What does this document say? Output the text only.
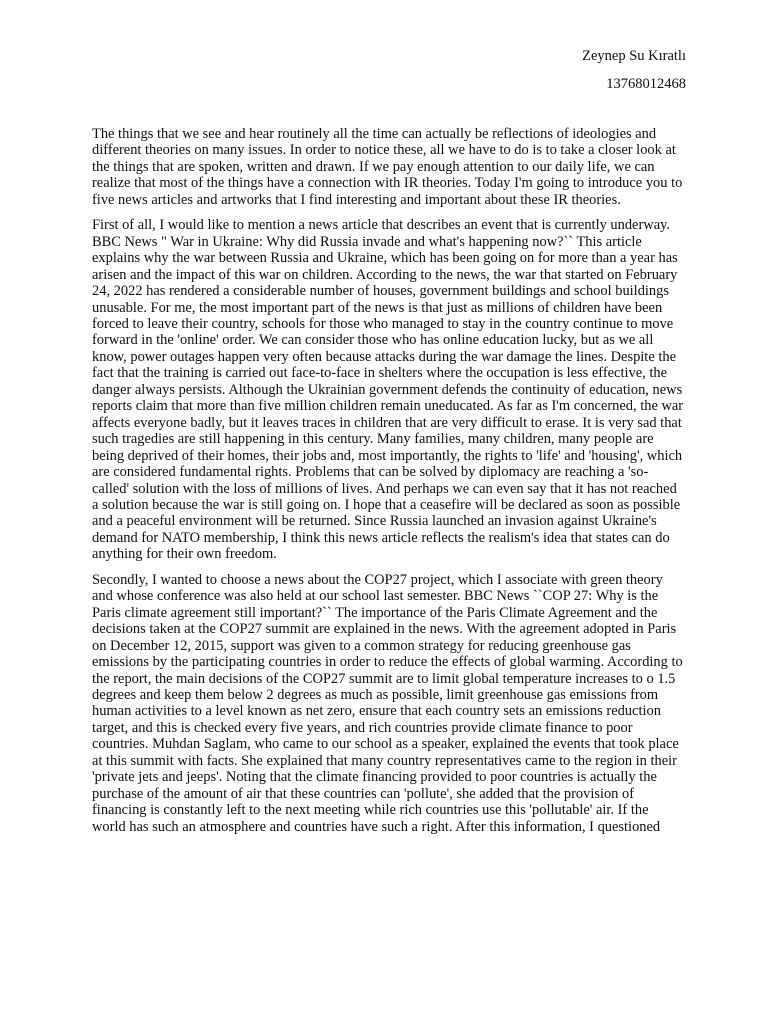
Zeynep Su Kıratlı
13768012468

The things that we see and hear routinely all the time can actually be reflections of ideologies and different theories on many issues. In order to notice these, all we have to do is to take a closer look at the things that are spoken, written and drawn. If we pay enough attention to our daily life, we can realize that most of the things have a connection with IR theories. Today I'm going to introduce you to five news articles and artworks that I find interesting and important about these IR theories.

First of all, I would like to mention a news article that describes an event that is currently underway. BBC News " War in Ukraine: Why did Russia invade and what's happening now?`` This article explains why the war between Russia and Ukraine, which has been going on for more than a year has arisen and the impact of this war on children. According to the news, the war that started on February 24, 2022 has rendered a considerable number of houses, government buildings and school buildings unusable. For me, the most important part of the news is that just as millions of children have been forced to leave their country, schools for those who managed to stay in the country continue to move forward in the 'online' order. We can consider those who has online education lucky, but as we all know, power outages happen very often because attacks during the war damage the lines. Despite the fact that the training is carried out face-to-face in shelters where the occupation is less effective, the danger always persists. Although the Ukrainian government defends the continuity of education, news reports claim that more than five million children remain uneducated. As far as I'm concerned, the war affects everyone badly, but it leaves traces in children that are very difficult to erase. It is very sad that such tragedies are still happening in this century. Many families, many children, many people are being deprived of their homes, their jobs and, most importantly, the rights to 'life' and 'housing', which are considered fundamental rights. Problems that can be solved by diplomacy are reaching a 'so-called' solution with the loss of millions of lives. And perhaps we can even say that it has not reached a solution because the war is still going on. I hope that a ceasefire will be declared as soon as possible and a peaceful environment will be returned. Since Russia launched an invasion against Ukraine's demand for NATO membership, I think this news article reflects the realism's idea that states can do anything for their own freedom.

Secondly, I wanted to choose a news about the COP27 project, which I associate with green theory and whose conference was also held at our school last semester. BBC News ``COP 27: Why is the Paris climate agreement still important?`` The importance of the Paris Climate Agreement and the decisions taken at the COP27 summit are explained in the news. With the agreement adopted in Paris on December 12, 2015, support was given to a common strategy for reducing greenhouse gas emissions by the participating countries in order to reduce the effects of global warming. According to the report, the main decisions of the COP27 summit are to limit global temperature increases to o 1.5 degrees and keep them below 2 degrees as much as possible, limit greenhouse gas emissions from human activities to a level known as net zero, ensure that each country sets an emissions reduction target, and this is checked every five years, and rich countries provide climate finance to poor countries. Muhdan Saglam, who came to our school as a speaker, explained the events that took place at this summit with facts. She explained that many country representatives came to the region in their 'private jets and jeeps'. Noting that the climate financing provided to poor countries is actually the purchase of the amount of air that these countries can 'pollute', she added that the provision of financing is constantly left to the next meeting while rich countries use this 'pollutable' air. If the world has such an atmosphere and countries have such a right. After this information, I questioned
